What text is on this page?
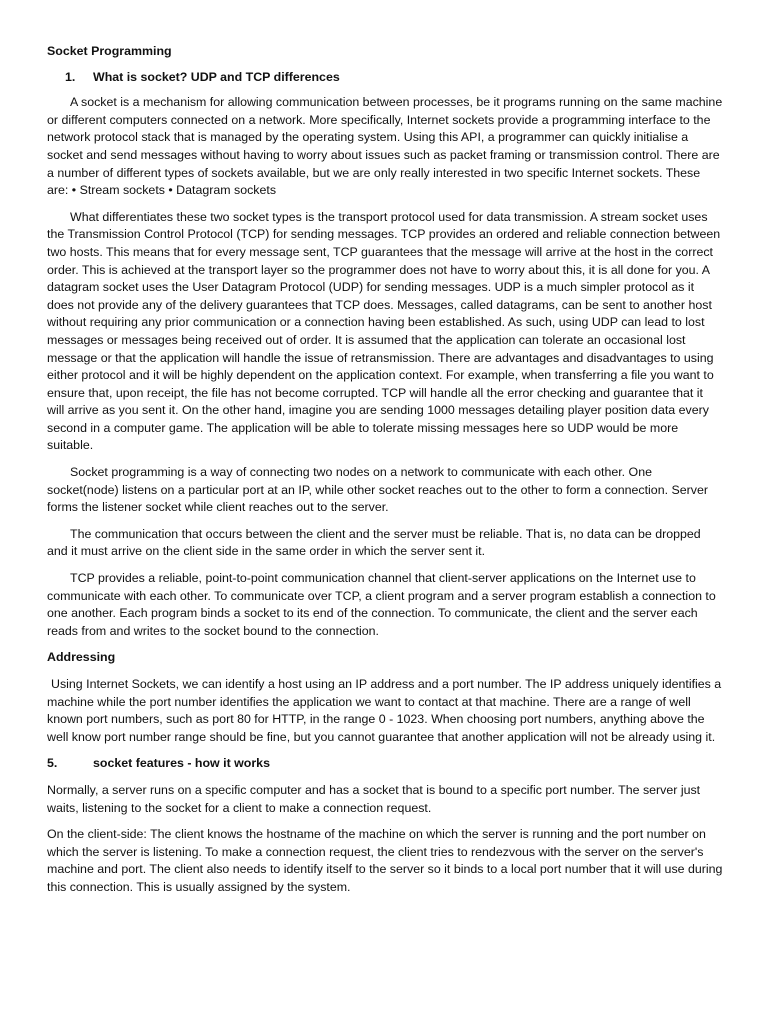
Socket Programming
1. What is socket? UDP and TCP differences

A socket is a mechanism for allowing communication between processes, be it programs running on the same machine or different computers connected on a network. More specifically, Internet sockets provide a programming interface to the network protocol stack that is managed by the operating system. Using this API, a programmer can quickly initialise a socket and send messages without having to worry about issues such as packet framing or transmission control. There are a number of different types of sockets available, but we are only really interested in two specific Internet sockets. These are: • Stream sockets • Datagram sockets

What differentiates these two socket types is the transport protocol used for data transmission. A stream socket uses the Transmission Control Protocol (TCP) for sending messages. TCP provides an ordered and reliable connection between two hosts. This means that for every message sent, TCP guarantees that the message will arrive at the host in the correct order. This is achieved at the transport layer so the programmer does not have to worry about this, it is all done for you. A datagram socket uses the User Datagram Protocol (UDP) for sending messages. UDP is a much simpler protocol as it does not provide any of the delivery guarantees that TCP does. Messages, called datagrams, can be sent to another host without requiring any prior communication or a connection having been established. As such, using UDP can lead to lost messages or messages being received out of order. It is assumed that the application can tolerate an occasional lost message or that the application will handle the issue of retransmission. There are advantages and disadvantages to using either protocol and it will be highly dependent on the application context. For example, when transferring a file you want to ensure that, upon receipt, the file has not become corrupted. TCP will handle all the error checking and guarantee that it will arrive as you sent it. On the other hand, imagine you are sending 1000 messages detailing player position data every second in a computer game. The application will be able to tolerate missing messages here so UDP would be more suitable.

Socket programming is a way of connecting two nodes on a network to communicate with each other. One socket(node) listens on a particular port at an IP, while other socket reaches out to the other to form a connection. Server forms the listener socket while client reaches out to the server.

The communication that occurs between the client and the server must be reliable. That is, no data can be dropped and it must arrive on the client side in the same order in which the server sent it.

TCP provides a reliable, point-to-point communication channel that client-server applications on the Internet use to communicate with each other. To communicate over TCP, a client program and a server program establish a connection to one another. Each program binds a socket to its end of the connection. To communicate, the client and the server each reads from and writes to the socket bound to the connection.

Addressing

Using Internet Sockets, we can identify a host using an IP address and a port number. The IP address uniquely identifies a machine while the port number identifies the application we want to contact at that machine. There are a range of well known port numbers, such as port 80 for HTTP, in the range 0 - 1023. When choosing port numbers, anything above the well know port number range should be fine, but you cannot guarantee that another application will not be already using it.

5.	socket features - how it works

Normally, a server runs on a specific computer and has a socket that is bound to a specific port number. The server just waits, listening to the socket for a client to make a connection request.

On the client-side: The client knows the hostname of the machine on which the server is running and the port number on which the server is listening. To make a connection request, the client tries to rendezvous with the server on the server's machine and port. The client also needs to identify itself to the server so it binds to a local port number that it will use during this connection. This is usually assigned by the system.
